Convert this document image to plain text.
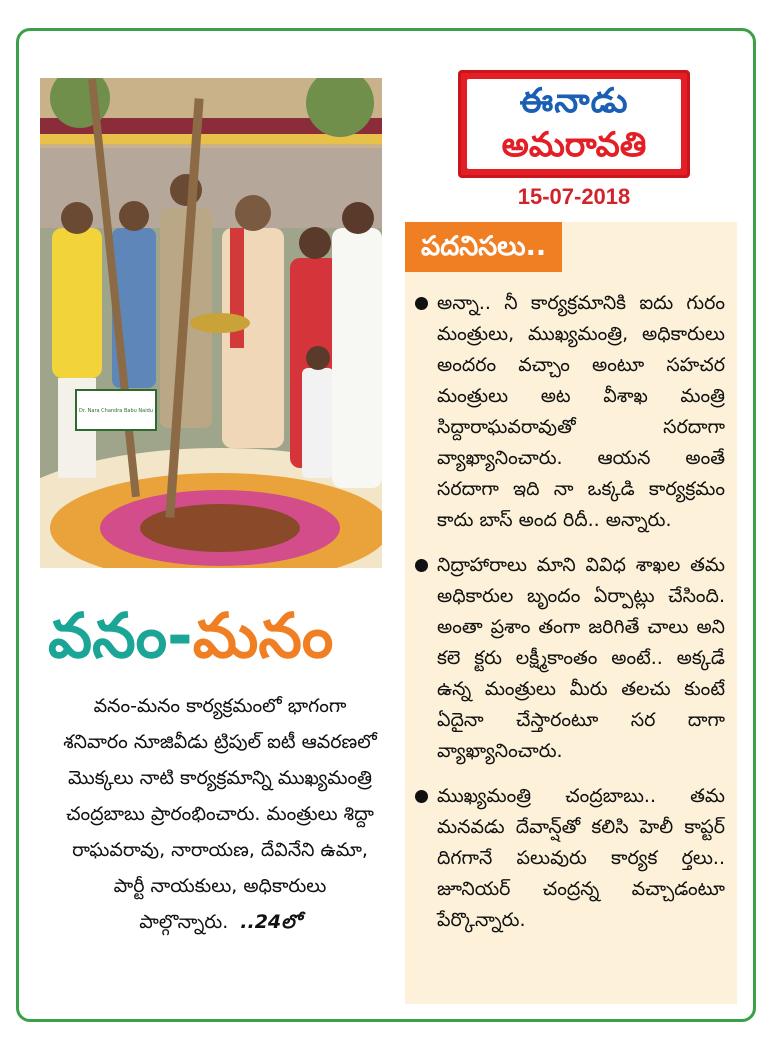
Dr. Nara Chandra Babu Naidu
ఈనాడు
అమరావతి
15-07-2018
వనం-మనం
వనం-మనం కార్యక్రమంలో భాగంగా శనివారం నూజివీడు ట్రిపుల్ ఐటీ ఆవరణలో మొక్కలు నాటి కార్యక్రమాన్ని ముఖ్యమంత్రి చంద్రబాబు ప్రారంభించారు. మంత్రులు శిద్దా రాఘవరావు, నారాయణ, దేవినేని ఉమా, పార్టీ నాయకులు, అధికారులు పాల్గొన్నారు. ..24లో
పదనిసలు..
అన్నా.. నీ కార్యక్రమానికి ఐదు గురం మంత్రులు, ముఖ్యమంత్రి, అధికారులు అందరం వచ్చాం అంటూ సహచర మంత్రులు అట వీశాఖ మంత్రి సిద్దారాఘవరావుతో సరదాగా వ్యాఖ్యానించారు. ఆయన అంతే సరదాగా ఇది నా ఒక్కడి కార్యక్రమం కాదు బాస్ అంద రిదీ.. అన్నారు.
నిద్రాహారాలు మాని వివిధ శాఖల తమ అధికారుల బృందం ఏర్పాట్లు చేసింది. అంతా ప్రశాం తంగా జరిగితే చాలు అని కలె క్టరు లక్ష్మీకాంతం అంటే.. అక్కడే ఉన్న మంత్రులు మీరు తలచు కుంటే ఏదైనా చేస్తారంటూ సర దాగా వ్యాఖ్యానించారు.
ముఖ్యమంత్రి చంద్రబాబు.. తమ మనవడు దేవాన్ష్‌తో కలిసి హెలీ కాప్టర్ దిగగానే పలువురు కార్యక ర్తలు.. జూనియర్ చంద్రన్న వచ్చాడంటూ పేర్కొన్నారు.
